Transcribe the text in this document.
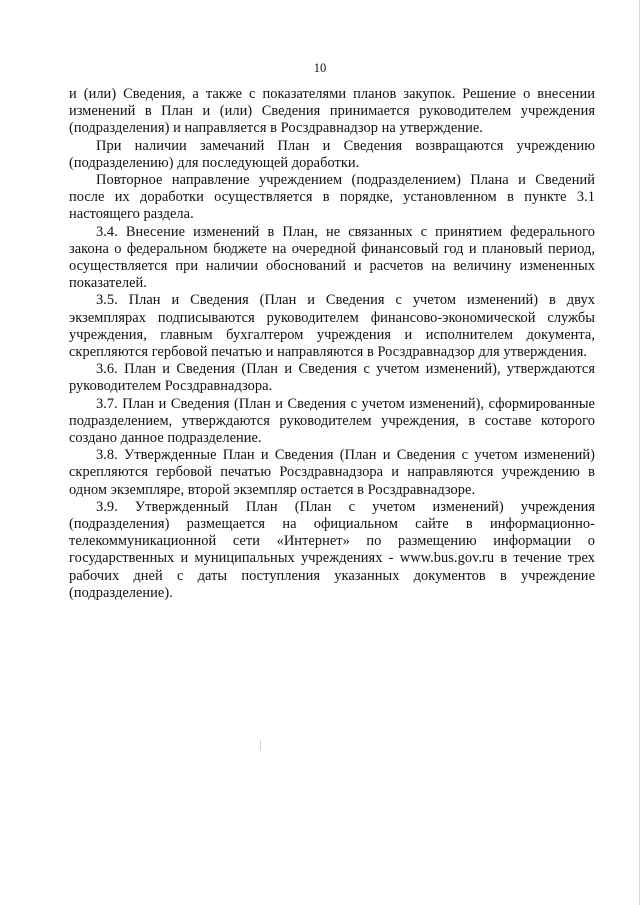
10

и (или) Сведения, а также с показателями планов закупок. Решение о внесении изменений в План и (или) Сведения принимается руководителем учреждения (подразделения) и направляется в Росздравнадзор на утверждение.

При наличии замечаний План и Сведения возвращаются учреждению (подразделению) для последующей доработки.

Повторное направление учреждением (подразделением) Плана и Сведений после их доработки осуществляется в порядке, установленном в пункте 3.1 настоящего раздела.

3.4. Внесение изменений в План, не связанных с принятием федерального закона о федеральном бюджете на очередной финансовый год и плановый период, осуществляется при наличии обоснований и расчетов на величину измененных показателей.

3.5. План и Сведения (План и Сведения с учетом изменений) в двух экземплярах подписываются руководителем финансово-экономической службы учреждения, главным бухгалтером учреждения и исполнителем документа, скрепляются гербовой печатью и направляются в Росздравнадзор для утверждения.

3.6. План и Сведения (План и Сведения с учетом изменений), утверждаются руководителем Росздравнадзора.

3.7. План и Сведения (План и Сведения с учетом изменений), сформированные подразделением, утверждаются руководителем учреждения, в составе которого создано данное подразделение.

3.8. Утвержденные План и Сведения (План и Сведения с учетом изменений) скрепляются гербовой печатью Росздравнадзора и направляются учреждению в одном экземпляре, второй экземпляр остается в Росздравнадзоре.

3.9. Утвержденный План (План с учетом изменений) учреждения (подразделения) размещается на официальном сайте в информационно-телекоммуникационной сети «Интернет» по размещению информации о государственных и муниципальных учреждениях - www.bus.gov.ru в течение трех рабочих дней с даты поступления указанных документов в учреждение (подразделение).
